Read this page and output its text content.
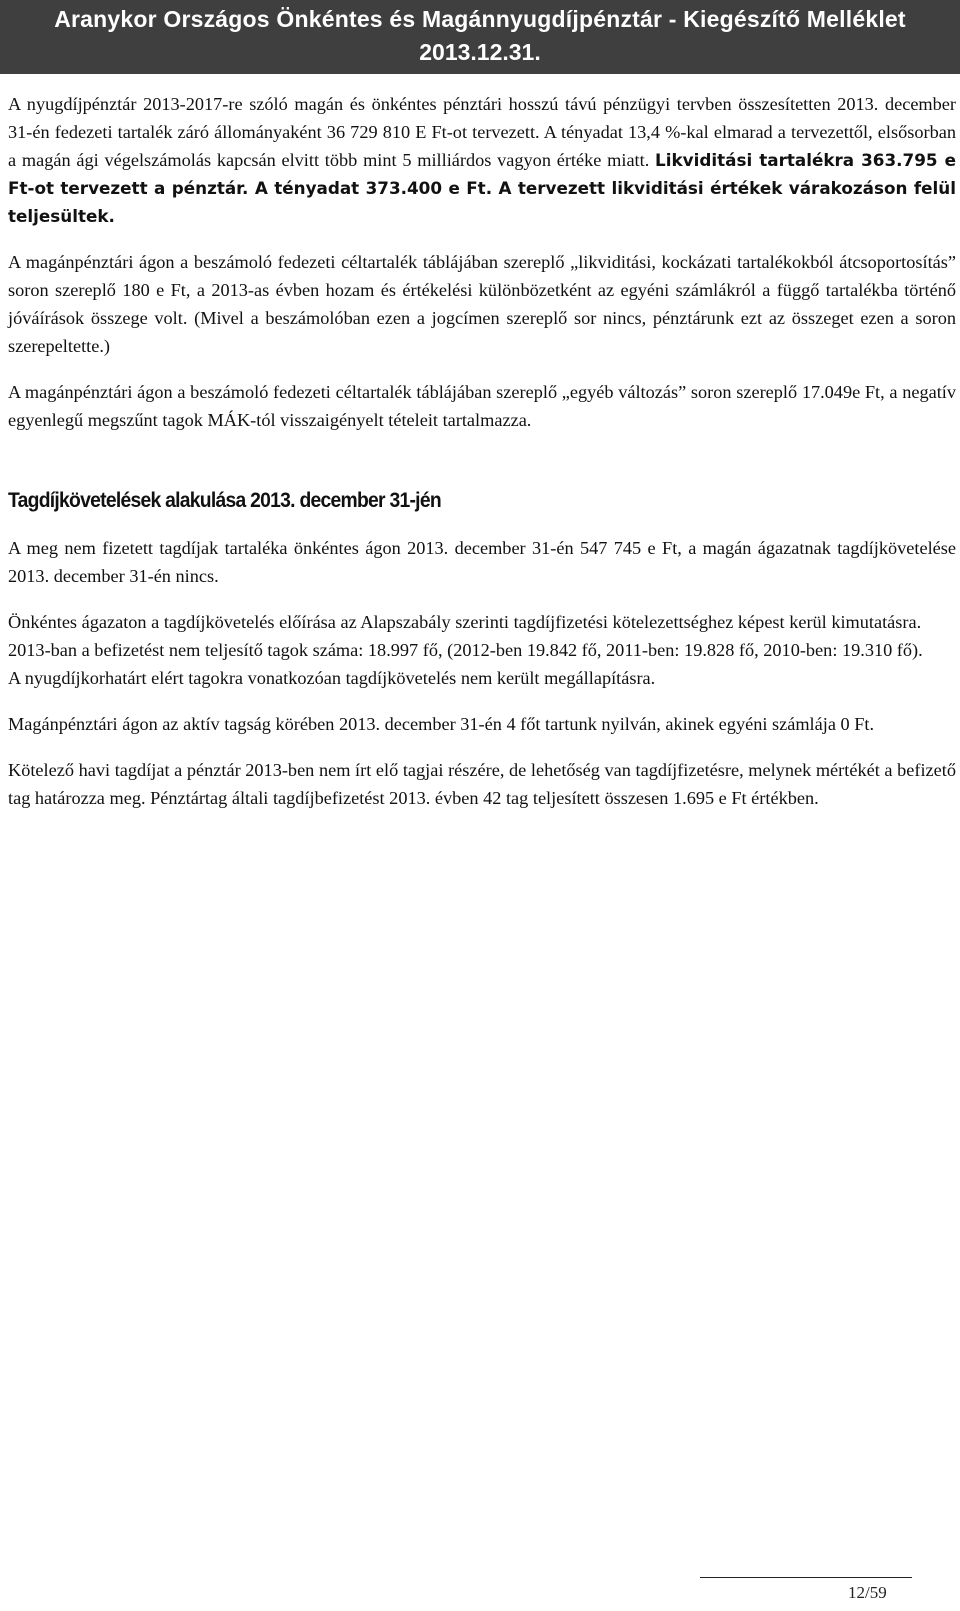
Aranykor Országos Önkéntes és Magánnyugdíjpénztár - Kiegészítő Melléklet
2013.12.31.

A nyugdíjpénztár 2013-2017-re szóló magán és önkéntes pénztári hosszú távú pénzügyi tervben összesítetten 2013. december 31-én fedezeti tartalék záró állományaként 36 729 810 E Ft-ot tervezett. A tényadat 13,4 %-kal elmarad a tervezettől, elsősorban a magán ági végelszámolás kapcsán elvitt több mint 5 milliárdos vagyon értéke miatt. Likviditási tartalékra 363.795 e Ft-ot tervezett a pénztár. A tényadat 373.400 e Ft. A tervezett likviditási értékek várakozáson felül teljesültek.

A magánpénztári ágon a beszámoló fedezeti céltartalék táblájában szereplő „likviditási, kockázati tartalékokból átcsoportosítás” soron szereplő 180 e Ft, a 2013-as évben hozam és értékelési különbözetként az egyéni számlákról a függő tartalékba történő jóváírások összege volt. (Mivel a beszámolóban ezen a jogcímen szereplő sor nincs, pénztárunk ezt az összeget ezen a soron szerepeltette.)

A magánpénztári ágon a beszámoló fedezeti céltartalék táblájában szereplő „egyéb változás” soron szereplő 17.049e Ft, a negatív egyenlegű megszűnt tagok MÁK-tól visszaigényelt tételeit tartalmazza.

Tagdíjkövetelések alakulása 2013. december 31-jén

A meg nem fizetett tagdíjak tartaléka önkéntes ágon 2013. december 31-én 547 745 e Ft, a magán ágazatnak tagdíjkövetelése 2013. december 31-én nincs.

Önkéntes ágazaton a tagdíjkövetelés előírása az Alapszabály szerinti tagdíjfizetési kötelezettséghez képest kerül kimutatásra.

2013-ban a befizetést nem teljesítő tagok száma: 18.997 fő, (2012-ben 19.842 fő, 2011-ben: 19.828 fő, 2010-ben: 19.310 fő).

A nyugdíjkorhatárt elért tagokra vonatkozóan tagdíjkövetelés nem került megállapításra.

Magánpénztári ágon az aktív tagság körében 2013. december 31-én 4 főt tartunk nyilván, akinek egyéni számlája 0 Ft.

Kötelező havi tagdíjat a pénztár 2013-ben nem írt elő tagjai részére, de lehetőség van tagdíjfizetésre, melynek mértékét a befizető tag határozza meg. Pénztártag általi tagdíjbefizetést 2013. évben 42 tag teljesített összesen 1.695 e Ft értékben.

12/59
